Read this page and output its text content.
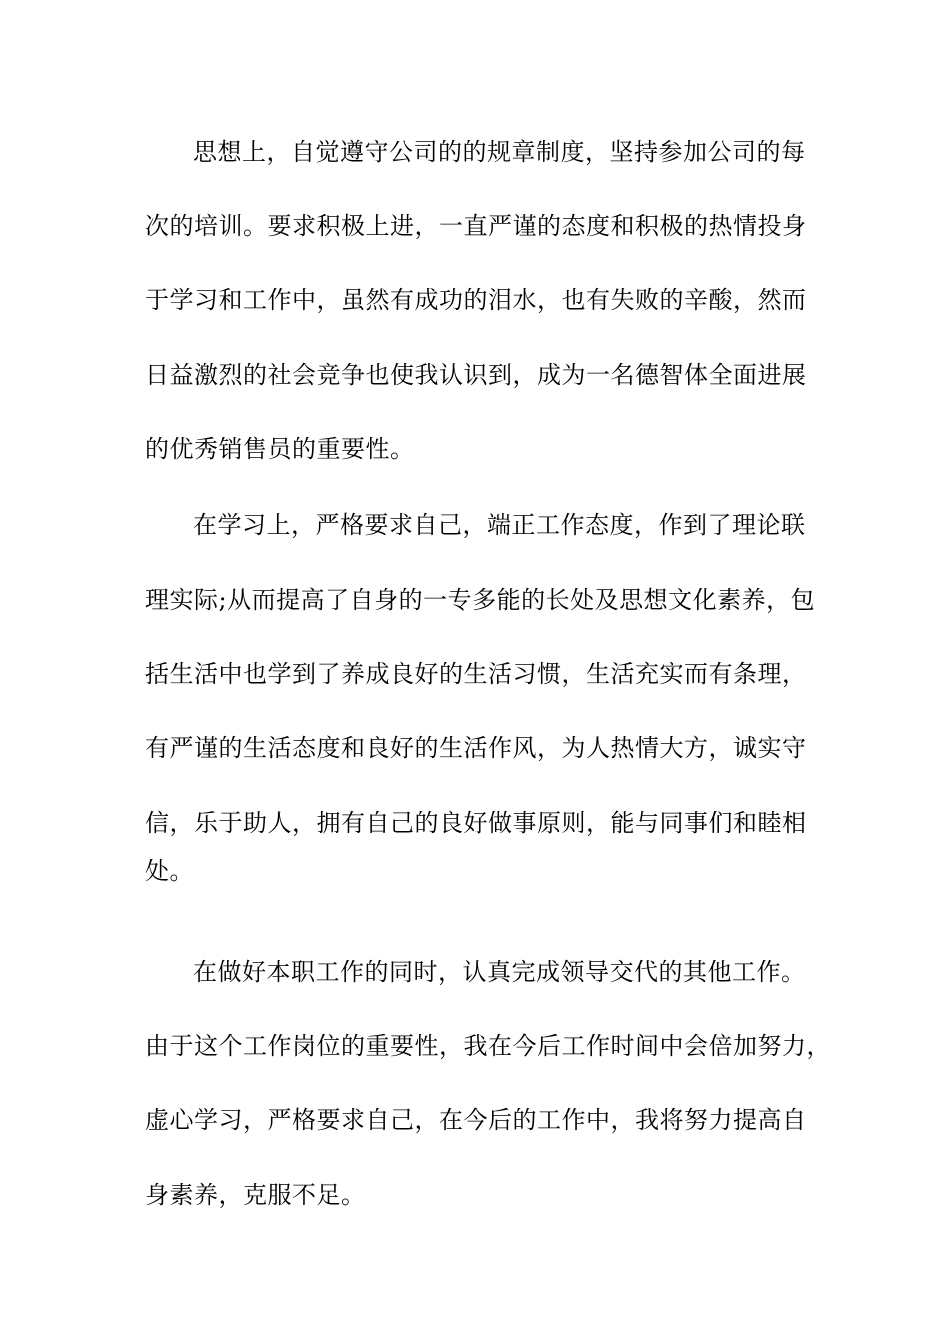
思想上，自觉遵守公司的的规章制度，坚持参加公司的每
次的培训。要求积极上进，一直严谨的态度和积极的热情投身
于学习和工作中，虽然有成功的泪水，也有失败的辛酸，然而
日益激烈的社会竞争也使我认识到，成为一名德智体全面进展
的优秀销售员的重要性。
在学习上，严格要求自己，端正工作态度，作到了理论联
理实际;从而提高了自身的一专多能的长处及思想文化素养，包
括生活中也学到了养成良好的生活习惯，生活充实而有条理，
有严谨的生活态度和良好的生活作风，为人热情大方，诚实守
信，乐于助人，拥有自己的良好做事原则，能与同事们和睦相
处。
在做好本职工作的同时，认真完成领导交代的其他工作。
由于这个工作岗位的重要性，我在今后工作时间中会倍加努力，
虚心学习，严格要求自己，在今后的工作中，我将努力提高自
身素养，克服不足。
